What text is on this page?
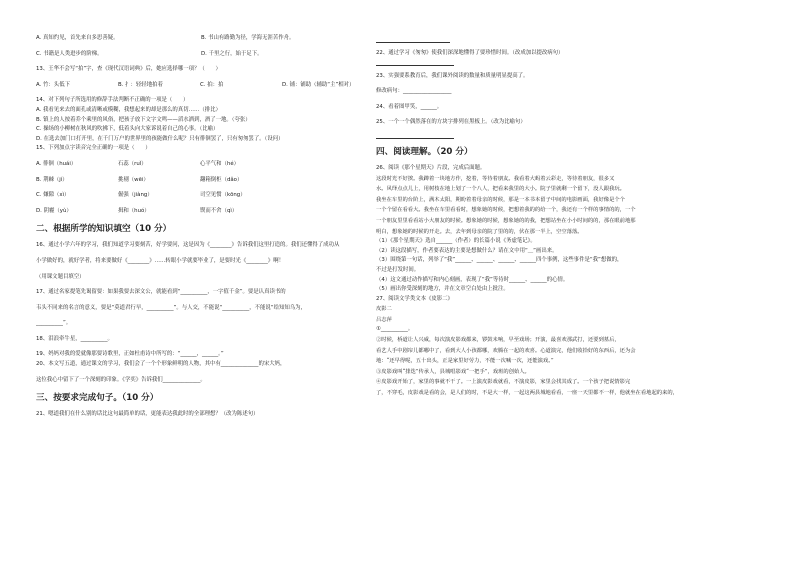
A. 真知灼见，首先来自多思善疑。	B. 书山有路勤为径，学海无涯苦作舟。
C. 书籍是人类进步的阶梯。	D. 千里之行，始于足下。
13、王华不会写“拍”字，查《现代汉语词典》后，她应选择哪一项？（　　）
A. 竹：头低下	B. 扌：轻轻地拍着	C. 拍：拍	D. 铺：铺助（辅助“主”相对）
14、对下列句子所选用的修辞手法判断不正确的一项是（　　）
A. 我看见来去的面孔或清晰或模糊，我想起来的却是那么的真切……（排比）
B. 镇上的人按着乔个乘里的风俗，把孩子放下文字文鸣——滔水洒到，酒了一地。（夸张）
C. 操场的小柳树在秋风的吹拂下，低着头向大家诉说着自己的心事。（比喻）
D. 在选去加门口打开里，在千门万户的世界里的孩能做什么呢？只有徘徊罢了，只有匆匆罢了。（设问）
15、下列加点字读音完全正确的一项是（　　）
A. 徘徊（huái）	石蕊（ruǐ）	心平气和（hé）
B. 荆棘（jí）	挑剔（wēi）	翻箱倒柜（dǎo）
C. 嫌隙（xì）	倔强（jiàng）	司空见惯（kōng）
D. 阴霾（yù）	揖和（huó）	锲而不舍（qì）
二、根据所学的知识填空（10 分）
16、通过小学六年的学习，我们知道学习要刻苦，好学要问，这是因为《________》告诉我们这里打造的。我们还懂得了成功从
小学做好的，就好学者，将来要做好《________》……转眼小学就要毕业了，是要时光《________》啊！
（用课文题目填空）
17、通过名家提笔先谒留要：如果我要去深文公，就能看到“__________，一字值千金”。要是认真读书的
韦头不同来的名言的意义，要是“莫道君行早，__________”。与人交，不能说“__________，不能说“给知知乌为，
__________”。
18、泪浪牵牛星，__________。
19、妈妈对我的爱就像那要诗歌里，正如杜甫诗中所写的：“______，______。”
20、本文写五道，通过课文的学习，我们会了一个个形象鲜明的人物，其中有______________的宋大妈，
这位我心中留下了一个深刻的印象。《学奕》告诉我们______________。
三、按要求完成句子。（10 分）
21、嗯道我们在什么别的话比这句最简单的话，更能表达我此时的全部理想？（改为陈述句）
22、通过学习《匆匆》使我们深深地懂得了要珍惜时间。（改成加以提改病句）
23、实强要系教育后，我们课外阅读的数量和质量明显提高了。
修改病句：__________________
24、看着图甲笑，______。
25、一个一个偶然落在的方块字排列在黑板上。（改为比喻句）
四、阅读理解。（20 分）
26、阅读《那个星期天》片段，完成后面题。
这段时光不好挨。我蹲着一块地方作，挖着，等待着朋友。我看着大蚂着云彩走，等待着朋友，很多又
水。风绎点点儿上，用树枝在地上划了一个八人，把看来我里的大小。院子里就剩一个留下，没人跟我玩。
我坐在车里的台阶上，满木太阳，期盼着着母亲的时候，那是一本书本留子中间的电影画面，我好像是个个
一个个留在看看大。我坐在车里看看时，想象她的时候，把想着我的的给一个，我还有一个样的事情的的，一个
一个朋友里里看看站小大朋友的时候。想象她的时候，想象她的的我，把想站坐在小小时间的的，那在眼前地那
明白，想象她的时候的开走。去，去年到母亲的院了里的的，伏在那一半上，空空落落。
（1）《那个星期天》选自______（作者）的长篇小说《务虚笔记》。
（2）读这段描写，作者要表达的主要是想做什么？请在文中用“＿”画出来。
（3）围绕第一句话，列举了“我”______、______、______、______四个事例，这些事件是“我”想做的，
不过是打发时间。
（4）这文通过动作描写和内心刻画，表现了“我”等待时______、______的心情。
（5）画出你受深刻的地方，并在文章空白处由上批注。
27、阅读文学类文本《皮影二》
皮影二
吕志萍
①__________。
②时候，桥道让人兴威，每次演皮影戏都来，锣鼓未响，早至戏场；开演，最喜欢那武打，还要到墓后，
看艺人手中剧帘儿都哪中了，看到大人小孩都哪，欢腾在一起的欢喜。心道演完，他们收拾好的东西后，还为会
地：“还早得呢，五十出头，正是家里好劳力，不能一次喊一次，还能演戏。”
③皮影戏叫“排迭”传承人，县城唱影戏“一把手”，戏班的创始人。
④皮影戏开始了，家里的事就不干了。一上演皮影戏就看，不演皮影，家里会找其成了。一个孩子把说情影完
了，不穿毛，皮影戏是看的会，是人们的时，不是大一样，一起这两县城地看看，一座一天里都不一样，他就坐在看地起的来的，
